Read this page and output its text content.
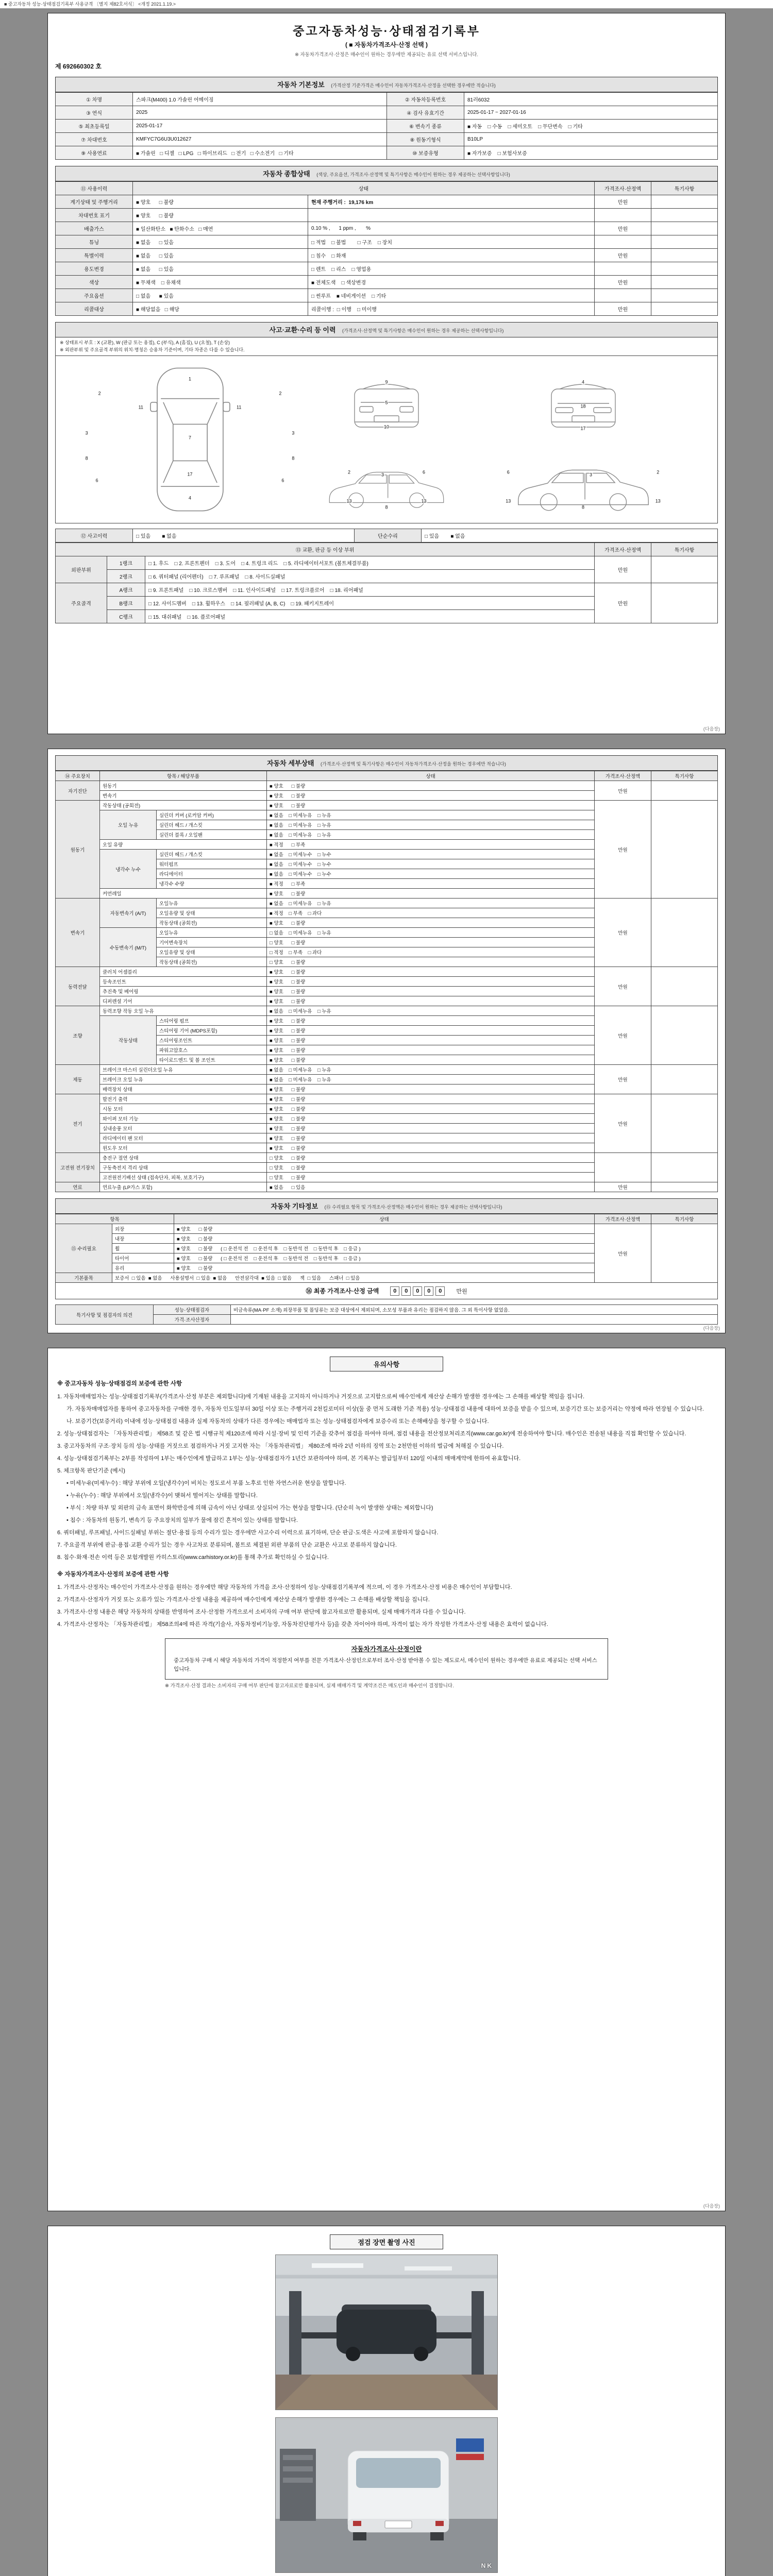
■ 중고자동차 성능·상태점검기록부 사용규격 〔별지 제82호서식〕 <개정 2021.1.19.>
중고자동차성능·상태점검기록부
( ■ 자동차가격조사·산정 선택 )
※ 자동차가격조사·산정은 매수인이 원하는 경우에만 제공되는 유료 선택 서비스입니다.
제 692660302 호
자동차 기본정보 (가격산정 기준가격은 매수인이 자동차가격조사·산정을 선택한 경우에만 적습니다)
① 차명	스파크(M400) 1.0 가솔린 어메이징	② 자동차등록번호	81러6032
③ 연식	2025	④ 검사 유효기간	2025-01-17 ~ 2027-01-16
⑤ 최초등록일	2025-01-17	⑥ 변속기 종류	■ 자동    □ 수동    □ 세미오토    □ 무단변속    □ 기타
⑦ 차대번호	KMFYC7G6U3U012627	⑧ 원동기형식	B10LP
⑨ 사용연료	■ 가솔린   □ 디젤   □ LPG   □ 하이브리드   □ 전기   □ 수소전기   □ 기타	⑩ 보증유형	■ 자가보증    □ 보험사보증
자동차 종합상태 (색상, 주요옵션, 가격조사·산정액 및 특기사항은 매수인이 원하는 경우 제공하는 선택사항입니다)
⑪ 사용이력	상태		가격조사·산정액	특기사항
계기상태 및 주행거리	■ 양호      □ 불량	현재 주행거리 :  19,176 km	만원	
차대번호 표기	■ 양호      □ 불량			
배출가스	■ 일산화탄소   ■ 탄화수소   □ 매연	0.10 % ,      1 ppm ,       %	만원	
튜닝	■ 없음      □ 있음	□ 적법    □ 불법        □ 구조    □ 장치		
특별이력	■ 없음      □ 있음	□ 침수    □ 화재	만원	
용도변경	■ 없음      □ 있음	□ 렌트    □ 리스    □ 영업용		
색상	■ 무채색    □ 유채색	■ 전체도색    □ 색상변경	만원	
주요옵션	□ 없음      ■ 있음	□ 썬루프    ■ 네비게이션    □ 기타		
리콜대상	■ 해당없음   □ 해당	리콜이행 :  □ 이행    □ 미이행	만원	
사고·교환·수리 등 이력 (가격조사·산정액 및 특기사항은 매수인이 원하는 경우 제공하는 선택사항입니다)
※ 상태표시 부호 : X (교환), W (판금 또는 용접), C (부식), A (흠집), U (요철), T (손상)
※ 외판부위 및 주요골격 부위의 위치·명칭은 승용차 기준이며, 기타 차종은 다를 수 있습니다.
9
5
10
1
2	2
11	11
3	3
7
8	8
6	6
17
4
4
18
17
2	3	6
13
8
13
6	3	2
13
8
13
⑫ 사고이력	□ 있음        ■ 없음	단순수리	□ 있음        ■ 없음
⑬ 교환, 판금 등 이상 부위			가격조사·산정액	특기사항
외판부위	1랭크	□ 1. 후드    □ 2. 프론트펜더    □ 3. 도어    □ 4. 트렁크 리드    □ 5. 라디에이터서포트 (볼트체결부품)	만원	
	2랭크	□ 6. 쿼터패널 (리어펜더)    □ 7. 루프패널    □ 8. 사이드실패널		
주요골격	A랭크	□ 9. 프론트패널    □ 10. 크로스멤버    □ 11. 인사이드패널    □ 17. 트렁크플로어    □ 18. 리어패널	만원	
	B랭크	□ 12. 사이드멤버    □ 13. 휠하우스    □ 14. 필러패널 (A, B, C)    □ 19. 패키지트레이		
	C랭크	□ 15. 대쉬패널    □ 16. 플로어패널		
(다음장)
자동차 세부상태 (가격조사·산정액 및 특기사항은 매수인이 자동차가격조사·산정을 원하는 경우에만 적습니다)
⑭ 주요장치	항목 / 해당부품		상태	가격조사·산정액	특기사항
자기진단	원동기		■ 양호      □ 불량	만원	
	변속기		■ 양호      □ 불량		
원동기	작동상태 (공회전)		■ 양호      □ 불량	만원	
	오일 누유	실린더 커버 (로커암 커버)	■ 없음    □ 미세누유    □ 누유		
		실린더 헤드 / 개스킷	■ 없음    □ 미세누유    □ 누유		
		실린더 블록 / 오일팬	■ 없음    □ 미세누유    □ 누유		
	오일 유량		■ 적정      □ 부족		
	냉각수 누수	실린더 헤드 / 개스킷	■ 없음    □ 미세누수    □ 누수		
		워터펌프	■ 없음    □ 미세누수    □ 누수		
		라디에이터	■ 없음    □ 미세누수    □ 누수		
		냉각수 수량	■ 적정      □ 부족		
	커먼레일		■ 양호      □ 불량		
변속기	자동변속기 (A/T)	오일누유	■ 없음    □ 미세누유    □ 누유	만원	
		오일유량 및 상태	■ 적정    □ 부족    □ 과다		
		작동상태 (공회전)	■ 양호      □ 불량		
	수동변속기 (M/T)	오일누유	□ 없음    □ 미세누유    □ 누유		
		기어변속장치	□ 양호      □ 불량		
		오일유량 및 상태	□ 적정    □ 부족    □ 과다		
		작동상태 (공회전)	□ 양호      □ 불량		
동력전달	클러치 어셈블리		■ 양호      □ 불량	만원	
	등속조인트		■ 양호      □ 불량		
	추진축 및 베어링		■ 양호      □ 불량		
	디퍼렌셜 기어		■ 양호      □ 불량		
조향	동력조향 작동 오일 누유		■ 없음    □ 미세누유    □ 누유	만원	
	작동상태	스티어링 펌프	■ 양호      □ 불량		
		스티어링 기어 (MDPS포함)	■ 양호      □ 불량		
		스티어링조인트	■ 양호      □ 불량		
		파워고압호스	■ 양호      □ 불량		
		타이로드엔드 및 볼 조인트	■ 양호      □ 불량		
제동	브레이크 마스터 실린더오일 누유		■ 없음    □ 미세누유    □ 누유	만원	
	브레이크 오일 누유		■ 없음    □ 미세누유    □ 누유		
	배력장치 상태		■ 양호      □ 불량		
전기	발전기 출력		■ 양호      □ 불량	만원	
	시동 모터		■ 양호      □ 불량		
	와이퍼 모터 기능		■ 양호      □ 불량		
	실내송풍 모터		■ 양호      □ 불량		
	라디에이터 팬 모터		■ 양호      □ 불량		
	윈도우 모터		■ 양호      □ 불량		
고전원 전기장치	충전구 절연 상태		□ 양호      □ 불량		
	구동축전지 격리 상태		□ 양호      □ 불량		
	고전원전기배선 상태 (접속단자, 피복, 보호기구)		□ 양호      □ 불량		
연료	연료누출 (LP가스 포함)		■ 없음      □ 있음	만원	
자동차 기타정보 (⑮ 수리필요 항목 및 가격조사·산정액은 매수인이 원하는 경우 제공하는 선택사항입니다)
항목		상태	가격조사·산정액	특기사항
⑮ 수리필요	외장	■ 양호      □ 불량	만원	
	내장	■ 양호      □ 불량		
	휠	■ 양호      □ 불량      ( □ 운전석 전    □ 운전석 후    □ 동반석 전    □ 동반석 후    □ 응급 )		
	타이어	■ 양호      □ 불량      ( □ 운전석 전    □ 운전석 후    □ 동반석 전    □ 동반석 후    □ 응급 )		
	유리	■ 양호      □ 불량		
기본품목	보증서  □ 있음  ■ 없음      사용설명서  □ 있음  ■ 없음      안전삼각대  ■ 있음  □ 없음      잭  □ 있음      스패너  □ 있음			
⑯ 최종 가격조사·산정 금액	0 0 0 0 0	만원
특기사항 및 점검자의 의견	성능·상태점검자	비금속류(MA·PF 소재) 외장부품 및 몰딩류는 보증 대상에서 제외되며, 소모성 부품과 유리는 점검하지 않음. 그 외 특이사항 없었음.
	가격·조사산정자	
(다음장)
유의사항
※ 중고자동차 성능·상태점검의 보증에 관한 사항
1. 자동차매매업자는 성능·상태점검기록부(가격조사·산정 부분은 제외합니다)에 기재된 내용을 고지하지 아니하거나 거짓으로 고지함으로써 매수인에게 재산상 손해가 발생한 경우에는 그 손해를 배상할 책임을 집니다.
가. 자동차매매업자를 통하여 중고자동차를 구매한 경우, 자동차 인도일부터 30일 이상 또는 주행거리 2천킬로미터 이상(둘 중 먼저 도래한 기준 적용) 성능·상태점검 내용에 대하여 보증을 받을 수 있으며, 보증기간 또는 보증거리는 약정에 따라 연장될 수 있습니다.
나. 보증기간(보증거리) 이내에 성능·상태점검 내용과 실제 자동차의 상태가 다른 경우에는 매매업자 또는 성능·상태점검자에게 보증수리 또는 손해배상을 청구할 수 있습니다.
2. 성능·상태점검자는 「자동차관리법」 제58조 및 같은 법 시행규칙 제120조에 따라 시설·장비 및 인력 기준을 갖추어 점검을 하여야 하며, 점검 내용을 전산정보처리조직(www.car.go.kr)에 전송하여야 합니다. 매수인은 전송된 내용을 직접 확인할 수 있습니다.
3. 중고자동차의 구조·장치 등의 성능·상태를 거짓으로 점검하거나 거짓 고지한 자는 「자동차관리법」 제80조에 따라 2년 이하의 징역 또는 2천만원 이하의 벌금에 처해질 수 있습니다.
4. 성능·상태점검기록부는 2부를 작성하여 1부는 매수인에게 발급하고 1부는 성능·상태점검자가 1년간 보관하여야 하며, 본 기록부는 발급일부터 120일 이내의 매매계약에 한하여 유효합니다.
5. 체크항목 판단기준 (예시)
• 미세누유(미세누수) : 해당 부위에 오일(냉각수)이 비치는 정도로서 부품 노후로 인한 자연스러운 현상을 말합니다.
• 누유(누수) : 해당 부위에서 오일(냉각수)이 맺혀서 떨어지는 상태를 말합니다.
• 부식 : 차량 하부 및 외판의 금속 표면이 화학반응에 의해 금속이 아닌 상태로 상실되어 가는 현상을 말합니다. (단순히 녹이 발생한 상태는 제외합니다)
• 침수 : 자동차의 원동기, 변속기 등 주요장치의 일부가 물에 잠긴 흔적이 있는 상태를 말합니다.
6. 쿼터패널, 루프패널, 사이드실패널 부위는 절단·용접 등의 수리가 있는 경우에만 사고수리 이력으로 표기하며, 단순 판금·도색은 사고에 포함하지 않습니다.
7. 주요골격 부위에 판금·용접·교환 수리가 있는 경우 사고차로 분류되며, 볼트로 체결된 외판 부품의 단순 교환은 사고로 분류하지 않습니다.
8. 침수·화재·전손 이력 등은 보험개발원 카히스토리(www.carhistory.or.kr)를 통해 추가로 확인하실 수 있습니다.
※ 자동차가격조사·산정의 보증에 관한 사항
1. 가격조사·산정자는 매수인이 가격조사·산정을 원하는 경우에만 해당 자동차의 가격을 조사·산정하여 성능·상태점검기록부에 적으며, 이 경우 가격조사·산정 비용은 매수인이 부담합니다.
2. 가격조사·산정자가 거짓 또는 오류가 있는 가격조사·산정 내용을 제공하여 매수인에게 재산상 손해가 발생한 경우에는 그 손해를 배상할 책임을 집니다.
3. 가격조사·산정 내용은 해당 자동차의 상태를 반영하여 조사·산정한 가격으로서 소비자의 구매 여부 판단에 참고자료로만 활용되며, 실제 매매가격과 다를 수 있습니다.
4. 가격조사·산정자는 「자동차관리법」 제58조의4에 따른 자격(기술사, 자동차정비기능장, 자동차진단평가사 등)을 갖춘 자이어야 하며, 자격이 없는 자가 작성한 가격조사·산정 내용은 효력이 없습니다.
자동차가격조사·산정이란
중고자동차 구매 시 해당 자동차의 가격이 적정한지 여부를 전문 가격조사·산정인으로부터 조사·산정 받아볼 수 있는 제도로서, 매수인이 원하는 경우에만 유료로 제공되는 선택 서비스입니다.
※ 가격조사·산정 결과는 소비자의 구매 여부 판단에 참고자료로만 활용되며, 실제 매매가격 및 계약조건은 매도인과 매수인이 결정합니다.
(다음장)
점검 장면 촬영 사진
NK
